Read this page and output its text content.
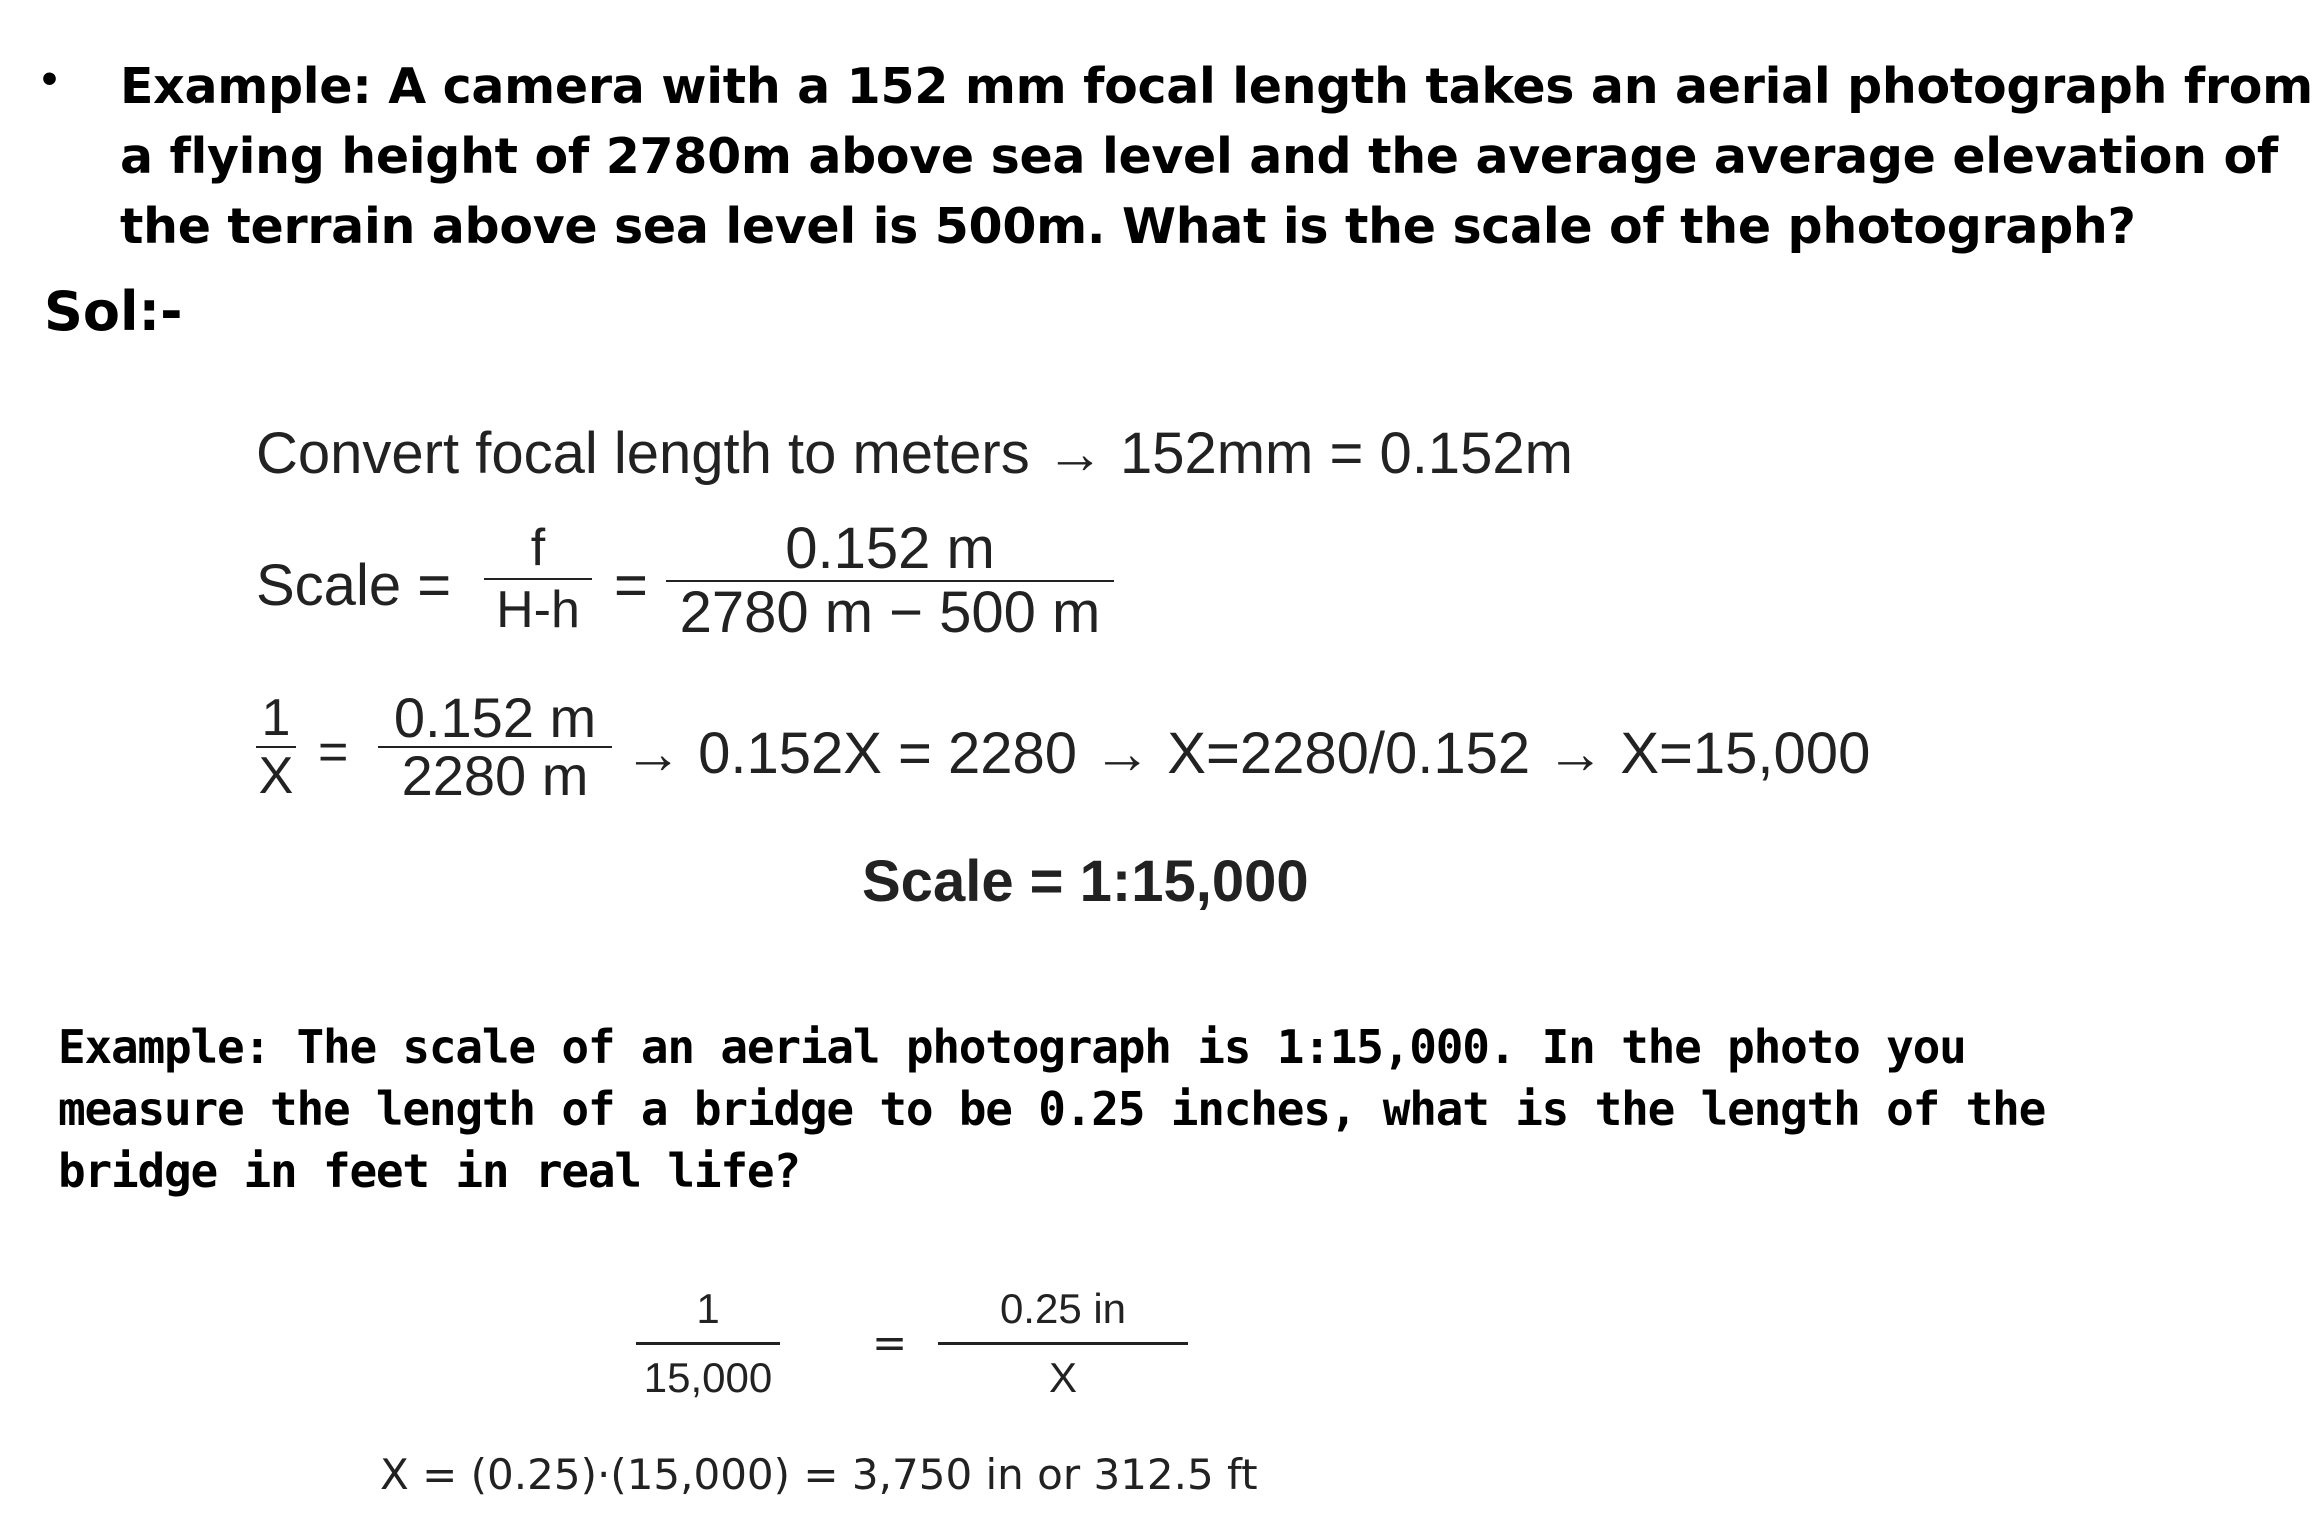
• Example: A camera with a 152 mm focal length takes an aerial photograph from
a flying height of 2780m above sea level and the average average elevation of
the terrain above sea level is 500m. What is the scale of the photograph?
Sol:-
Convert focal length to meters → 152mm = 0.152m
Scale =
f
H-h =
0.152 m
2780 m − 500 m
1
X =
0.152 m
2280 m → 0.152X = 2280 → X=2280/0.152 → X=15,000
Scale = 1:15,000
Example: The scale of an aerial photograph is 1:15,000. In the photo you
measure the length of a bridge to be 0.25 inches, what is the length of the
bridge in feet in real life?
1
15,000
=
0.25 in
X
X = (0.25)·(15,000) = 3,750 in or 312.5 ft
